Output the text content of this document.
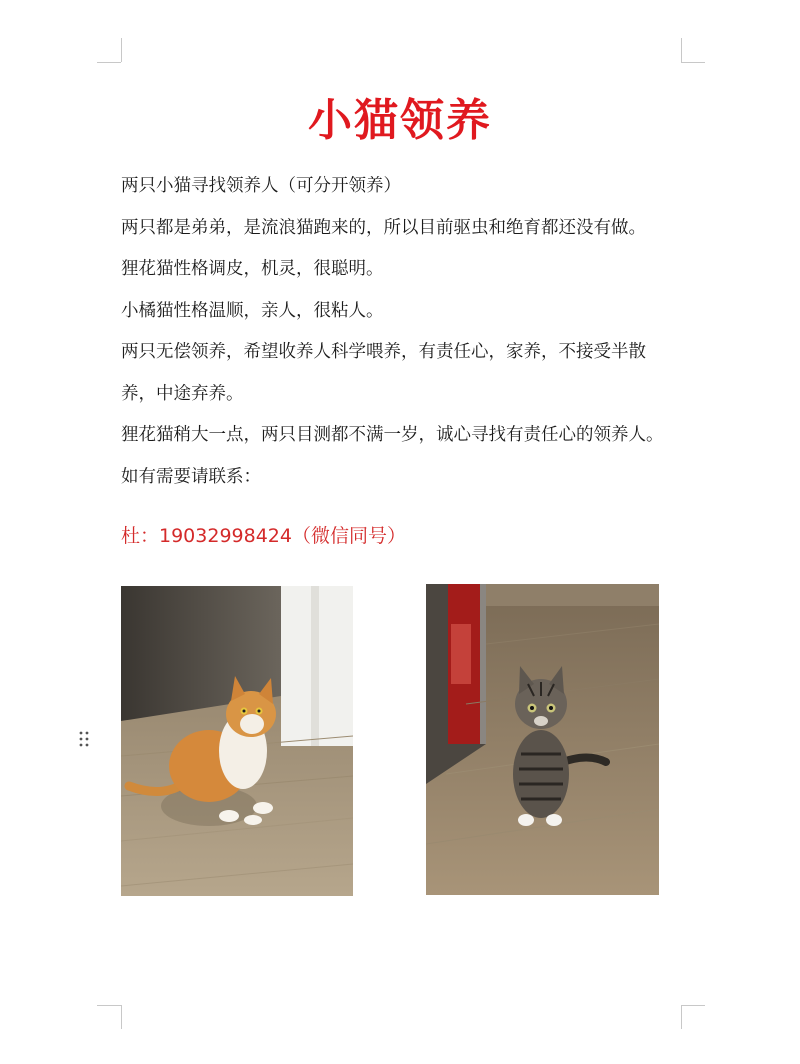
小猫领养

两只小猫寻找领养人（可分开领养）

两只都是弟弟，是流浪猫跑来的，所以目前驱虫和绝育都还没有做。

狸花猫性格调皮，机灵，很聪明。

小橘猫性格温顺，亲人，很粘人。

两只无偿领养，希望收养人科学喂养，有责任心，家养，不接受半散

养，中途弃养。

狸花猫稍大一点，两只目测都不满一岁，诚心寻找有责任心的领养人。

如有需要请联系：

杜：19032998424（微信同号）
